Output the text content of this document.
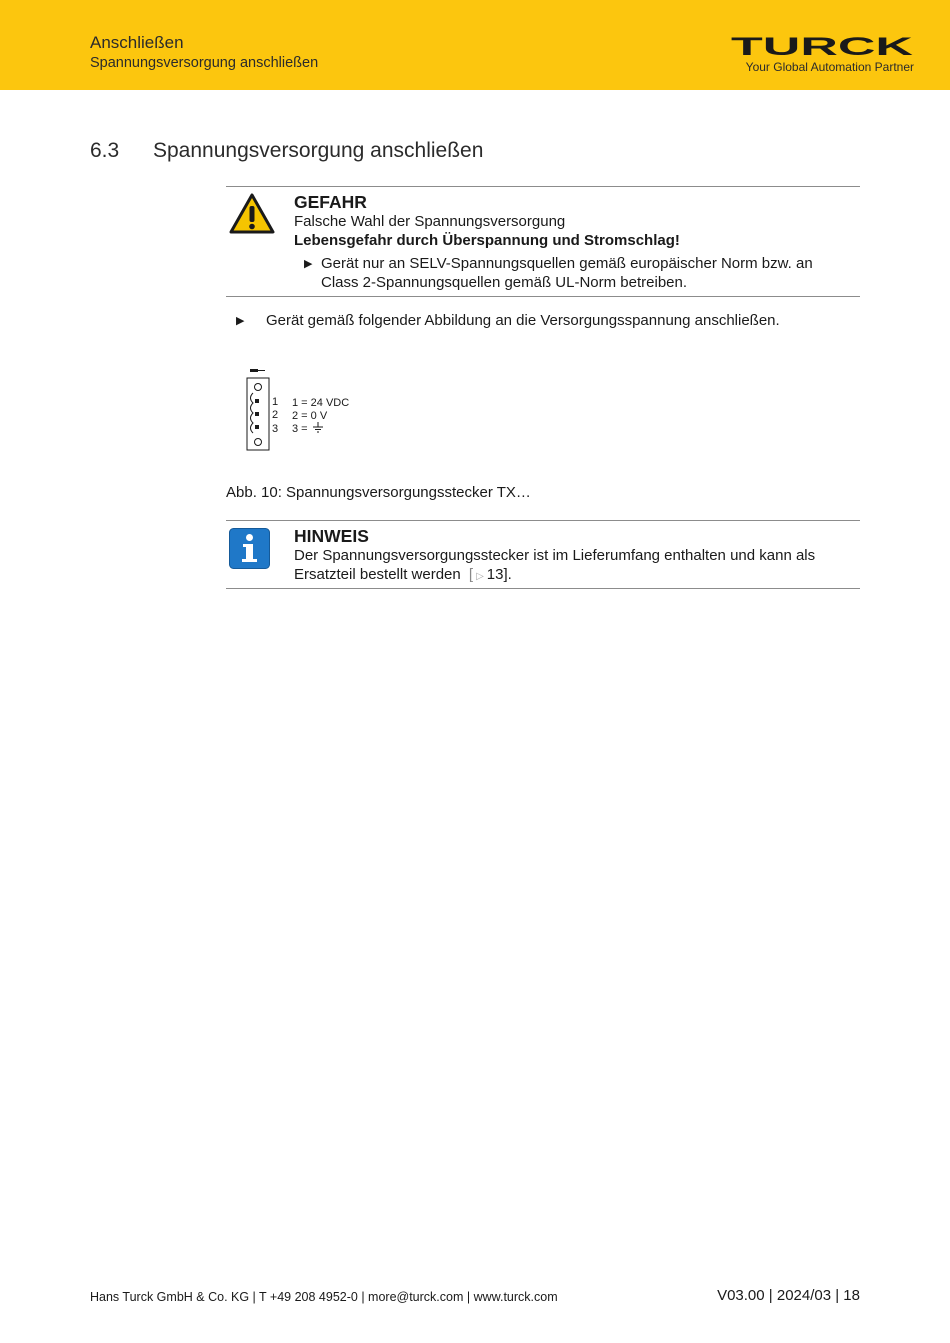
Anschließen
Spannungsversorgung anschließen
TURCK
Your Global Automation Partner
6.3 Spannungsversorgung anschließen
GEFAHR
Falsche Wahl der Spannungsversorgung
Lebensgefahr durch Überspannung und Stromschlag!
▶ Gerät nur an SELV-Spannungsquellen gemäß europäischer Norm bzw. an
Class 2-Spannungsquellen gemäß UL-Norm betreiben.
▶ Gerät gemäß folgender Abbildung an die Versorgungsspannung anschließen.
1
2
3
1 = 24 VDC
2 = 0 V
3 =
Abb. 10: Spannungsversorgungsstecker TX…
HINWEIS
Der Spannungsversorgungsstecker ist im Lieferumfang enthalten und kann als
Ersatzteil bestellt werden [ ▷ 13].
Hans Turck GmbH & Co. KG | T +49 208 4952-0 | more@turck.com | www.turck.com	V03.00 | 2024/03 | 18
